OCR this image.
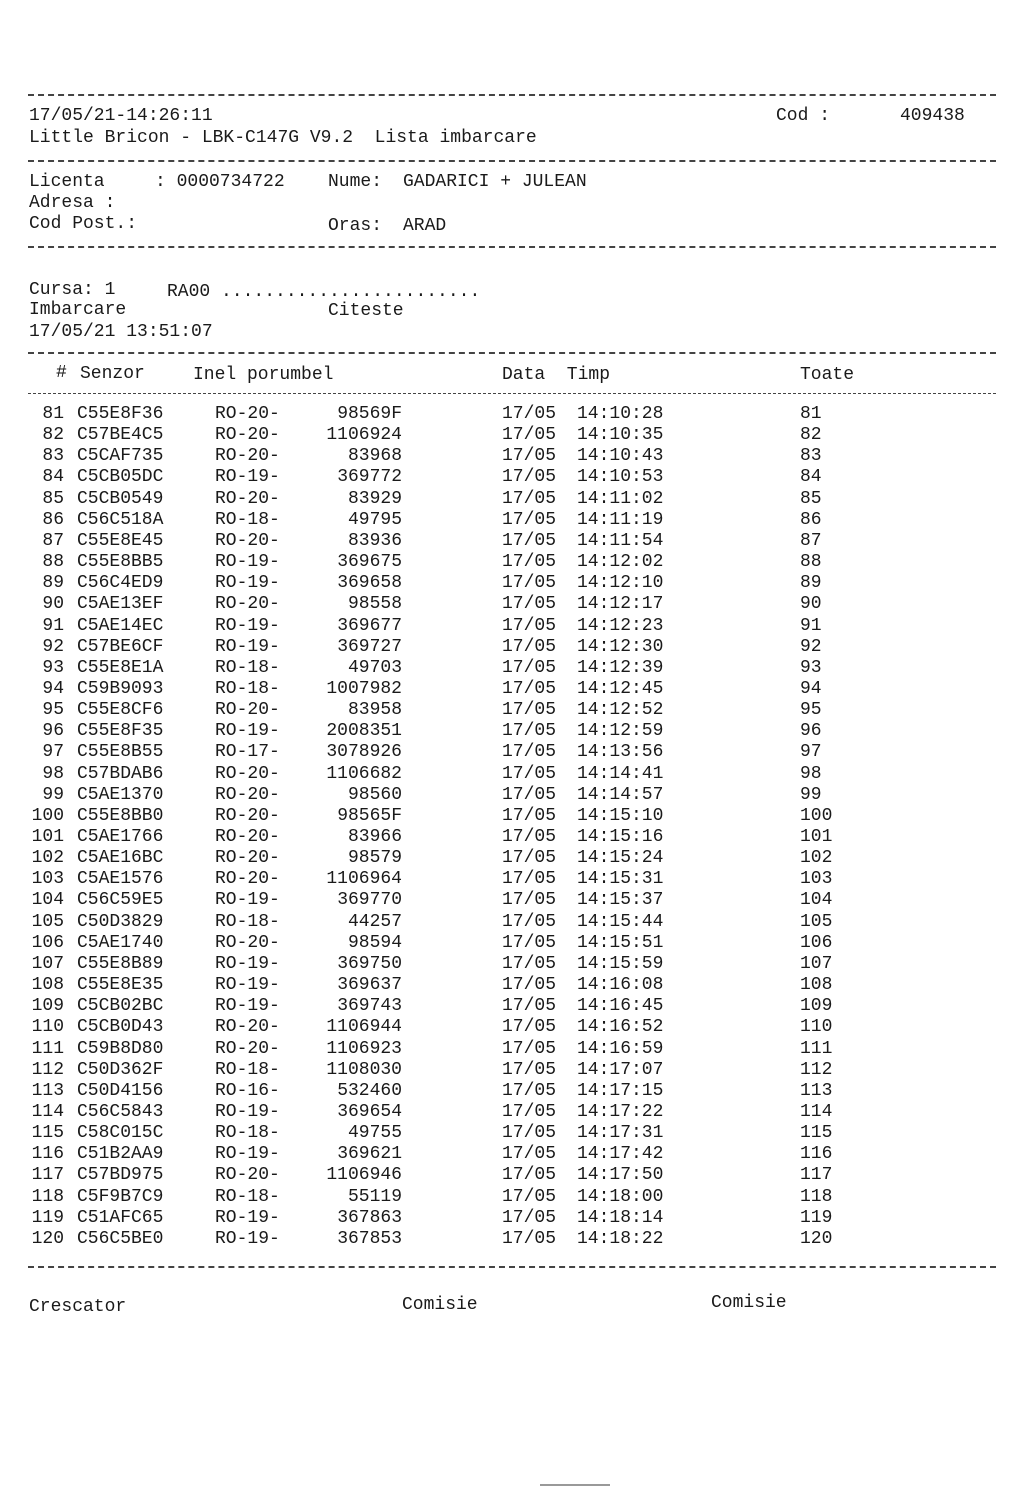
17/05/21-14:26:11	Cod :	409438
Little Bricon - LBK-C147G V9.2  Lista imbarcare
Licenta	: 0000734722 Nume: GADARICI + JULEAN
Adresa :
Cod Post.:	Oras: ARAD
Cursa: 1	RA00 ........................
Imbarcare	Citeste
17/05/21 13:51:07
# Senzor	Inel porumbel	Data  Timp	Toate
81 C55E8F36	RO-20-	98569F	17/05 14:10:28	81
82 C57BE4C5	RO-20-	1106924	17/05 14:10:35	82
83 C5CAF735	RO-20-	83968	17/05 14:10:43	83
84 C5CB05DC	RO-19-	369772	17/05 14:10:53	84
85 C5CB0549	RO-20-	83929	17/05 14:11:02	85
86 C56C518A	RO-18-	49795	17/05 14:11:19	86
87 C55E8E45	RO-20-	83936	17/05 14:11:54	87
88 C55E8BB5	RO-19-	369675	17/05 14:12:02	88
89 C56C4ED9	RO-19-	369658	17/05 14:12:10	89
90 C5AE13EF	RO-20-	98558	17/05 14:12:17	90
91 C5AE14EC	RO-19-	369677	17/05 14:12:23	91
92 C57BE6CF	RO-19-	369727	17/05 14:12:30	92
93 C55E8E1A	RO-18-	49703	17/05 14:12:39	93
94 C59B9093	RO-18-	1007982	17/05 14:12:45	94
95 C55E8CF6	RO-20-	83958	17/05 14:12:52	95
96 C55E8F35	RO-19-	2008351	17/05 14:12:59	96
97 C55E8B55	RO-17-	3078926	17/05 14:13:56	97
98 C57BDAB6	RO-20-	1106682	17/05 14:14:41	98
99 C5AE1370	RO-20-	98560	17/05 14:14:57	99
100 C55E8BB0	RO-20-	98565F	17/05 14:15:10	100
101 C5AE1766	RO-20-	83966	17/05 14:15:16	101
102 C5AE16BC	RO-20-	98579	17/05 14:15:24	102
103 C5AE1576	RO-20-	1106964	17/05 14:15:31	103
104 C56C59E5	RO-19-	369770	17/05 14:15:37	104
105 C50D3829	RO-18-	44257	17/05 14:15:44	105
106 C5AE1740	RO-20-	98594	17/05 14:15:51	106
107 C55E8B89	RO-19-	369750	17/05 14:15:59	107
108 C55E8E35	RO-19-	369637	17/05 14:16:08	108
109 C5CB02BC	RO-19-	369743	17/05 14:16:45	109
110 C5CB0D43	RO-20-	1106944	17/05 14:16:52	110
111 C59B8D80	RO-20-	1106923	17/05 14:16:59	111
112 C50D362F	RO-18-	1108030	17/05 14:17:07	112
113 C50D4156	RO-16-	532460	17/05 14:17:15	113
114 C56C5843	RO-19-	369654	17/05 14:17:22	114
115 C58C015C	RO-18-	49755	17/05 14:17:31	115
116 C51B2AA9	RO-19-	369621	17/05 14:17:42	116
117 C57BD975	RO-20-	1106946	17/05 14:17:50	117
118 C5F9B7C9	RO-18-	55119	17/05 14:18:00	118
119 C51AFC65	RO-19-	367863	17/05 14:18:14	119
120 C56C5BE0	RO-19-	367853	17/05 14:18:22	120
Crescator	Comisie	Comisie
